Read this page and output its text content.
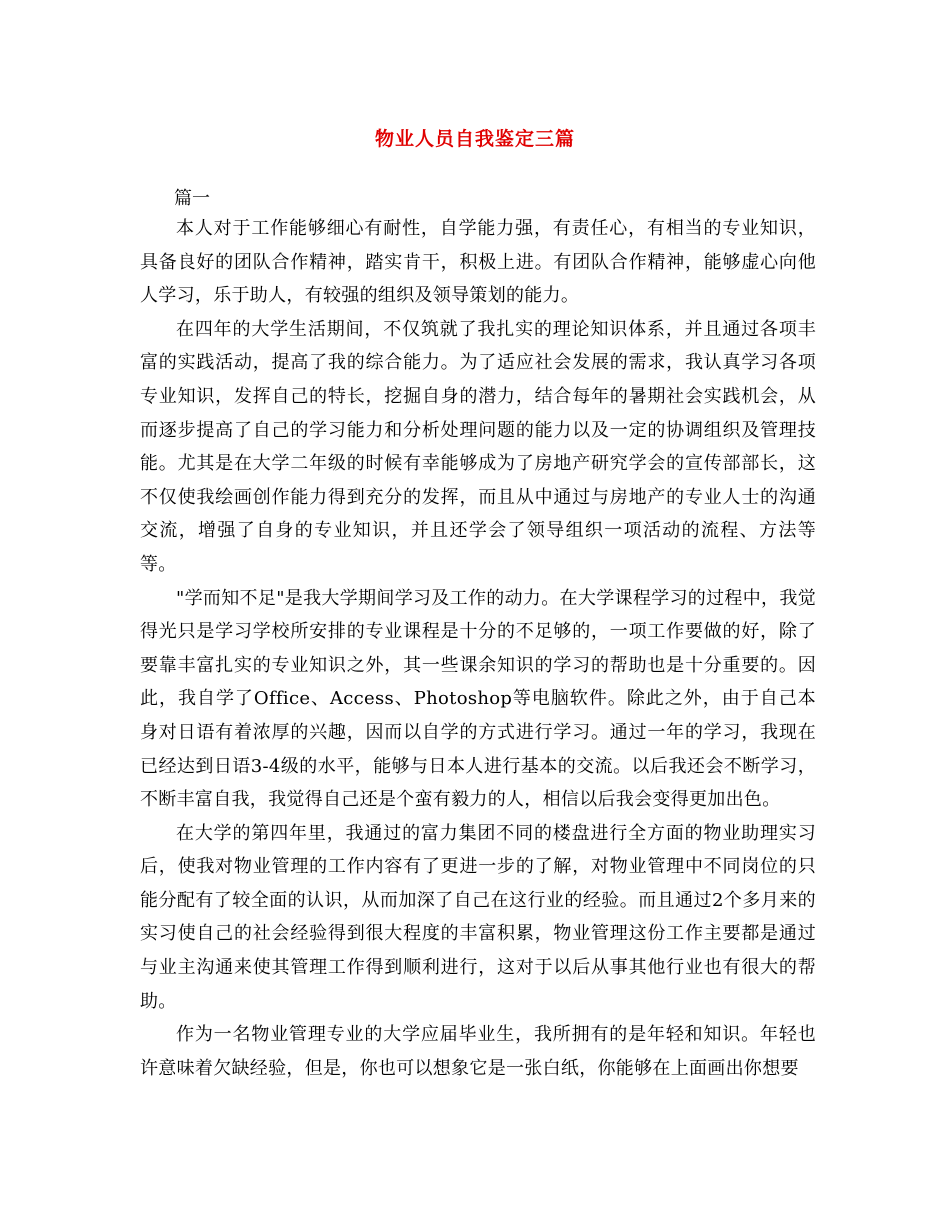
物业人员自我鉴定三篇
篇一

本人对于工作能够细心有耐性，自学能力强，有责任心，有相当的专业知识，具备良好的团队合作精神，踏实肯干，积极上进。有团队合作精神，能够虚心向他人学习，乐于助人，有较强的组织及领导策划的能力。

在四年的大学生活期间，不仅筑就了我扎实的理论知识体系，并且通过各项丰富的实践活动，提高了我的综合能力。为了适应社会发展的需求，我认真学习各项专业知识，发挥自己的特长，挖掘自身的潜力，结合每年的暑期社会实践机会，从而逐步提高了自己的学习能力和分析处理问题的能力以及一定的协调组织及管理技能。尤其是在大学二年级的时候有幸能够成为了房地产研究学会的宣传部部长，这不仅使我绘画创作能力得到充分的发挥，而且从中通过与房地产的专业人士的沟通交流，增强了自身的专业知识，并且还学会了领导组织一项活动的流程、方法等等。

"学而知不足"是我大学期间学习及工作的动力。在大学课程学习的过程中，我觉得光只是学习学校所安排的专业课程是十分的不足够的，一项工作要做的好，除了要靠丰富扎实的专业知识之外，其一些课余知识的学习的帮助也是十分重要的。因此，我自学了Office、Access、Photoshop等电脑软件。除此之外，由于自己本身对日语有着浓厚的兴趣，因而以自学的方式进行学习。通过一年的学习，我现在已经达到日语3-4级的水平，能够与日本人进行基本的交流。以后我还会不断学习，不断丰富自我，我觉得自己还是个蛮有毅力的人，相信以后我会变得更加出色。

在大学的第四年里，我通过的富力集团不同的楼盘进行全方面的物业助理实习后，使我对物业管理的工作内容有了更进一步的了解，对物业管理中不同岗位的只能分配有了较全面的认识，从而加深了自己在这行业的经验。而且通过2个多月来的实习使自己的社会经验得到很大程度的丰富积累，物业管理这份工作主要都是通过与业主沟通来使其管理工作得到顺利进行，这对于以后从事其他行业也有很大的帮助。

作为一名物业管理专业的大学应届毕业生，我所拥有的是年轻和知识。年轻也许意味着欠缺经验，但是，你也可以想象它是一张白纸，你能够在上面画出你想要
